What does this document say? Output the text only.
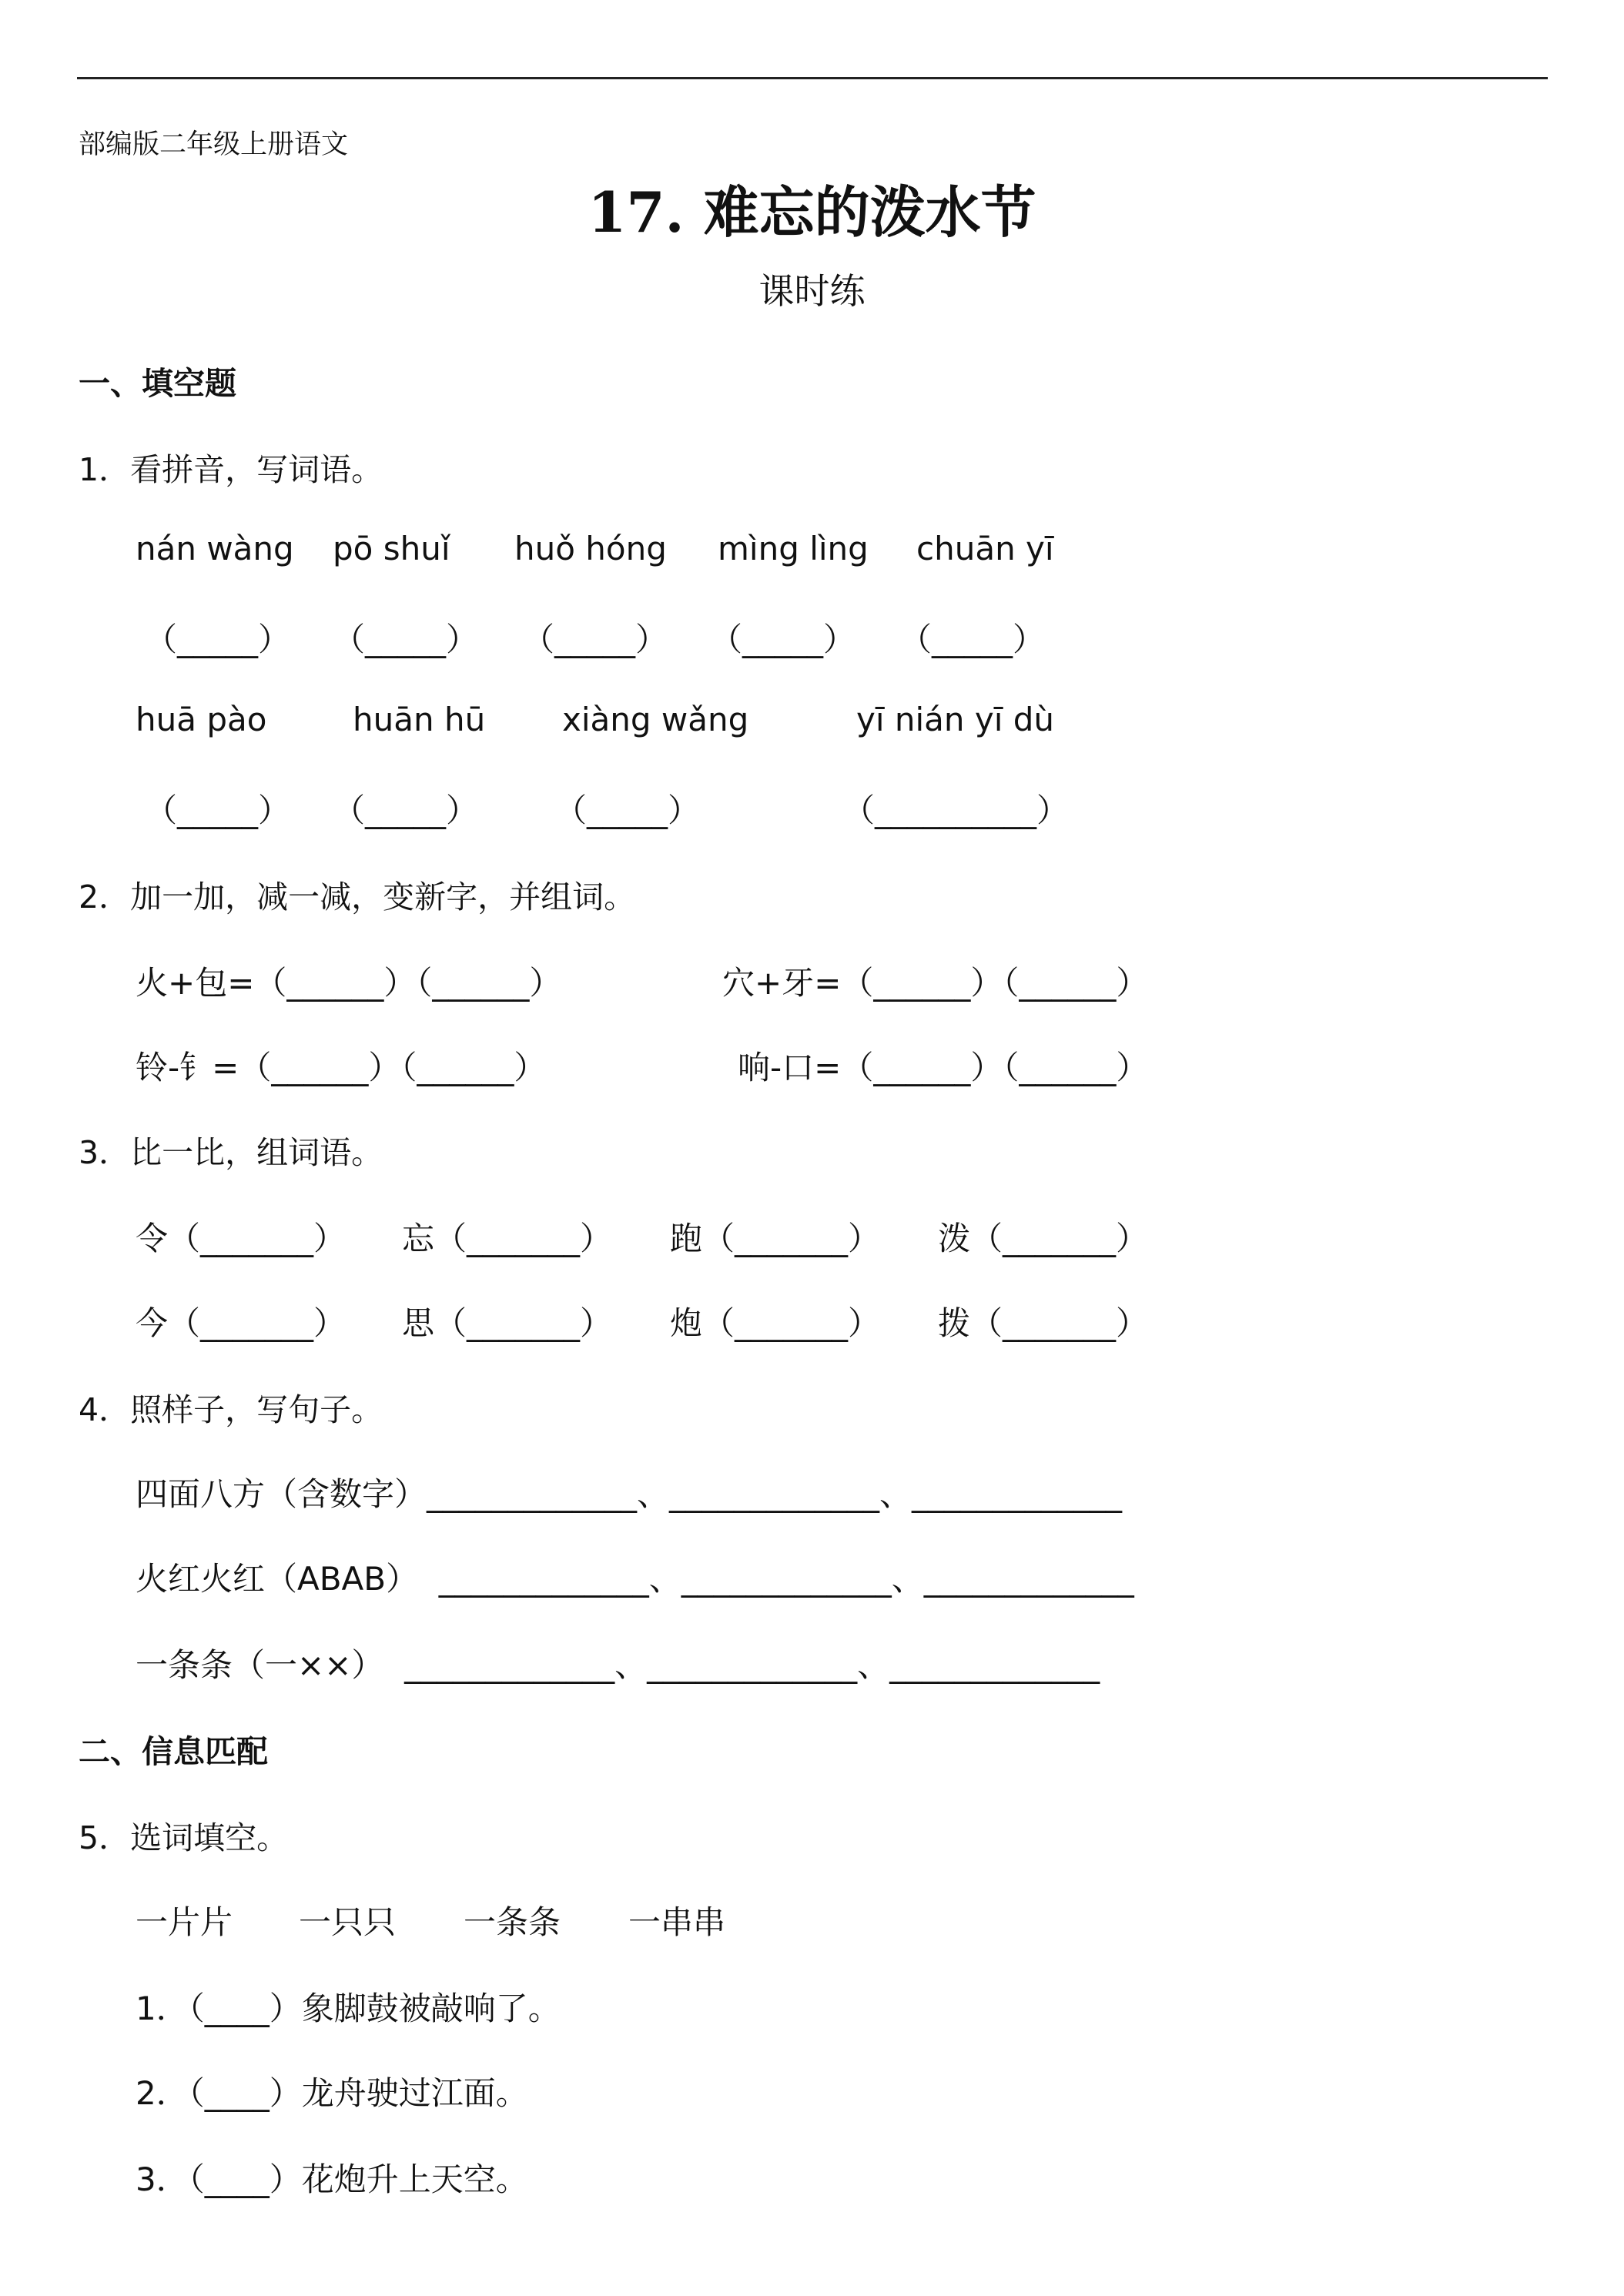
部编版二年级上册语文
17. 难忘的泼水节
课时练
一、填空题
1．看拼音，写词语。
nán wàng pō shuǐ huǒ hóng mìng lìng chuān yī
（_____） （_____） （_____） （_____） （_____）
huā pào	huān hū xiàng wǎng	yī nián yī dù
（_____） （_____） （_____）	（__________）
2．加一加，减一减，变新字，并组词。
火+包=（______）（______）	穴+牙=（______）（______）
铃-钅=（______）（______）	响-口=（______）（______）
3．比一比，组词语。
令（_______） 忘（_______） 跑（_______） 泼（_______）
今（_______） 思（_______） 炮（_______） 拨（_______）
4．照样子，写句子。
四面八方（含数字）_____________、_____________、_____________
火红火红（ABAB）  _____________、_____________、_____________
一条条（一××）  _____________、_____________、_____________
二、信息匹配
5．选词填空。
一片片 一只只 一条条 一串串
1．（____）象脚鼓被敲响了。
2．（____）龙舟驶过江面。
3．（____）花炮升上天空。
